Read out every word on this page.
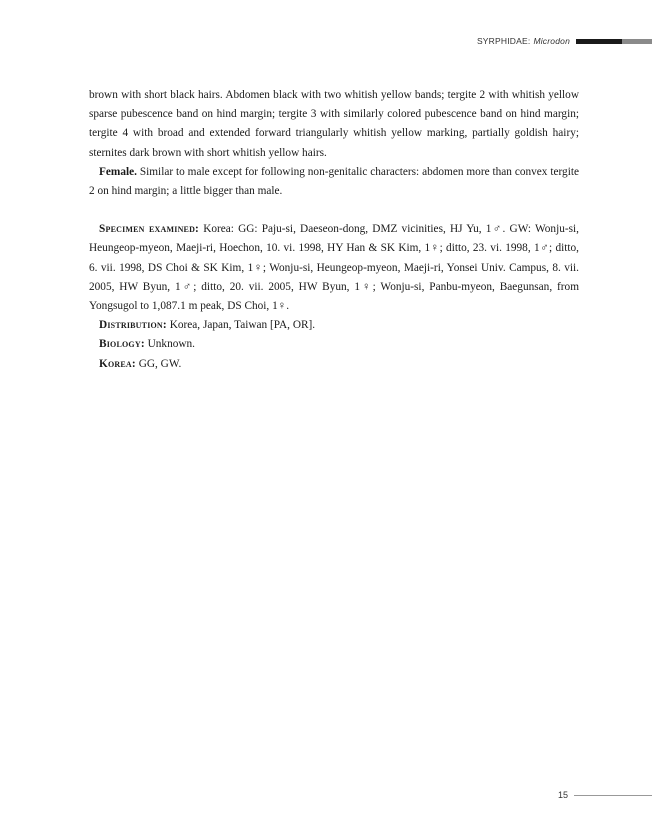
SYRPHIDAE: Microdon

brown with short black hairs. Abdomen black with two whitish yellow bands; tergite 2 with whitish yellow sparse pubescence band on hind margin; tergite 3 with similarly colored pubescence band on hind margin; tergite 4 with broad and extended forward triangularly whitish yellow marking, partially goldish hairy; sternites dark brown with short whitish yellow hairs.

Female. Similar to male except for following non-genitalic characters: abdomen more than convex tergite 2 on hind margin; a little bigger than male.

Specimen examined: Korea: GG: Paju-si, Daeseon-dong, DMZ vicinities, HJ Yu, 1♂. GW: Wonju-si, Heungeop-myeon, Maeji-ri, Hoechon, 10. vi. 1998, HY Han & SK Kim, 1♀; ditto, 23. vi. 1998, 1♂; ditto, 6. vii. 1998, DS Choi & SK Kim, 1♀; Wonju-si, Heungeop-myeon, Maeji-ri, Yonsei Univ. Campus, 8. vii. 2005, HW Byun, 1♂; ditto, 20. vii. 2005, HW Byun, 1♀; Wonju-si, Panbu-myeon, Baegunsan, from Yongsugol to 1,087.1 m peak, DS Choi, 1♀.

Distribution: Korea, Japan, Taiwan [PA, OR].

Biology: Unknown.

Korea: GG, GW.

15
